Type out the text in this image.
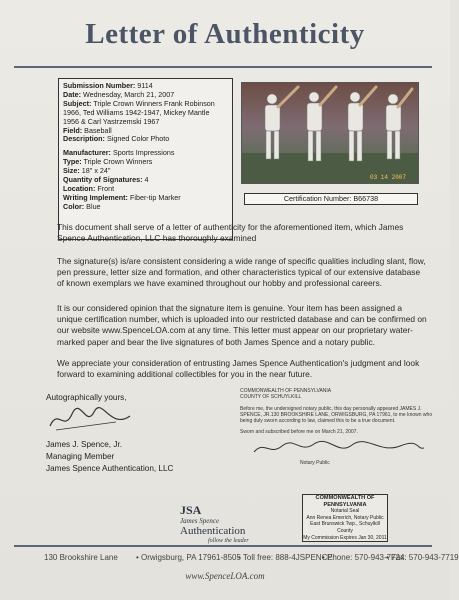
Letter of Authenticity
Submission Number: 9114
Date: Wednesday, March 21, 2007
Subject: Triple Crown Winners Frank Robinson
1966, Ted Williams 1942-1947, Mickey Mantle
1956 & Carl Yastrzemski 1967
Field: Baseball
Description: Signed Color Photo
Manufacturer: Sports Impressions
Type: Triple Crown Winners
Size: 18" x 24"
Quantity of Signatures: 4
Location: Front
Writing Implement: Fiber-tip Marker
Color: Blue
03 14 2007
Certification Number: B66738
This document shall serve of a letter of authenticity for the aforementioned item, which James Spence Authentication, LLC has thoroughly examined
The signature(s) is/are consistent considering a wide range of specific qualities including slant, flow, pen pressure, letter size and formation, and other characteristics typical of our extensive database of known exemplars we have examined throughout our hobby and professional careers.
It is our considered opinion that the signature item is genuine. Your item has been assigned a unique certification number, which is uploaded into our restricted database and can be confirmed on our website www.SpenceLOA.com at any time. This letter must appear on our proprietary water-marked paper and bear the live signatures of both James Spence and a notary public.
We appreciate your consideration of entrusting James Spence Authentication's judgment and look forward to examining additional collectibles for you in the near future.
Autographically yours,
James J. Spence, Jr.
Managing Member
James Spence Authentication, LLC
COMMONWEALTH OF PENNSYLVANIA
COUNTY OF SCHUYLKILL
Before me, the undersigned notary public, this day personally appeared JAMES J. SPENCE, JR.130 BROOKSHIRE LANE, ORWIGSBURG, PA 17961, to me known who being duly sworn according to law, claimed this to be a true document.
Sworn and subscribed before me on March 21, 2007.
Notary Public
COMMONWEALTH OF PENNSYLVANIA
Notarial Seal
Ann Renea Emerich, Notary Public
East Brunswick Twp., Schuylkill County
My Commission Expires Jan 30, 2011
JSA
James Spence
Authentication
follow the leader
130 Brookshire Lane • Orwigsburg, PA 17961-8505
• Toll free: 888-4JSPENCE
• Phone: 570-943-7724
• Fax: 570-943-7719
www.SpenceLOA.com
